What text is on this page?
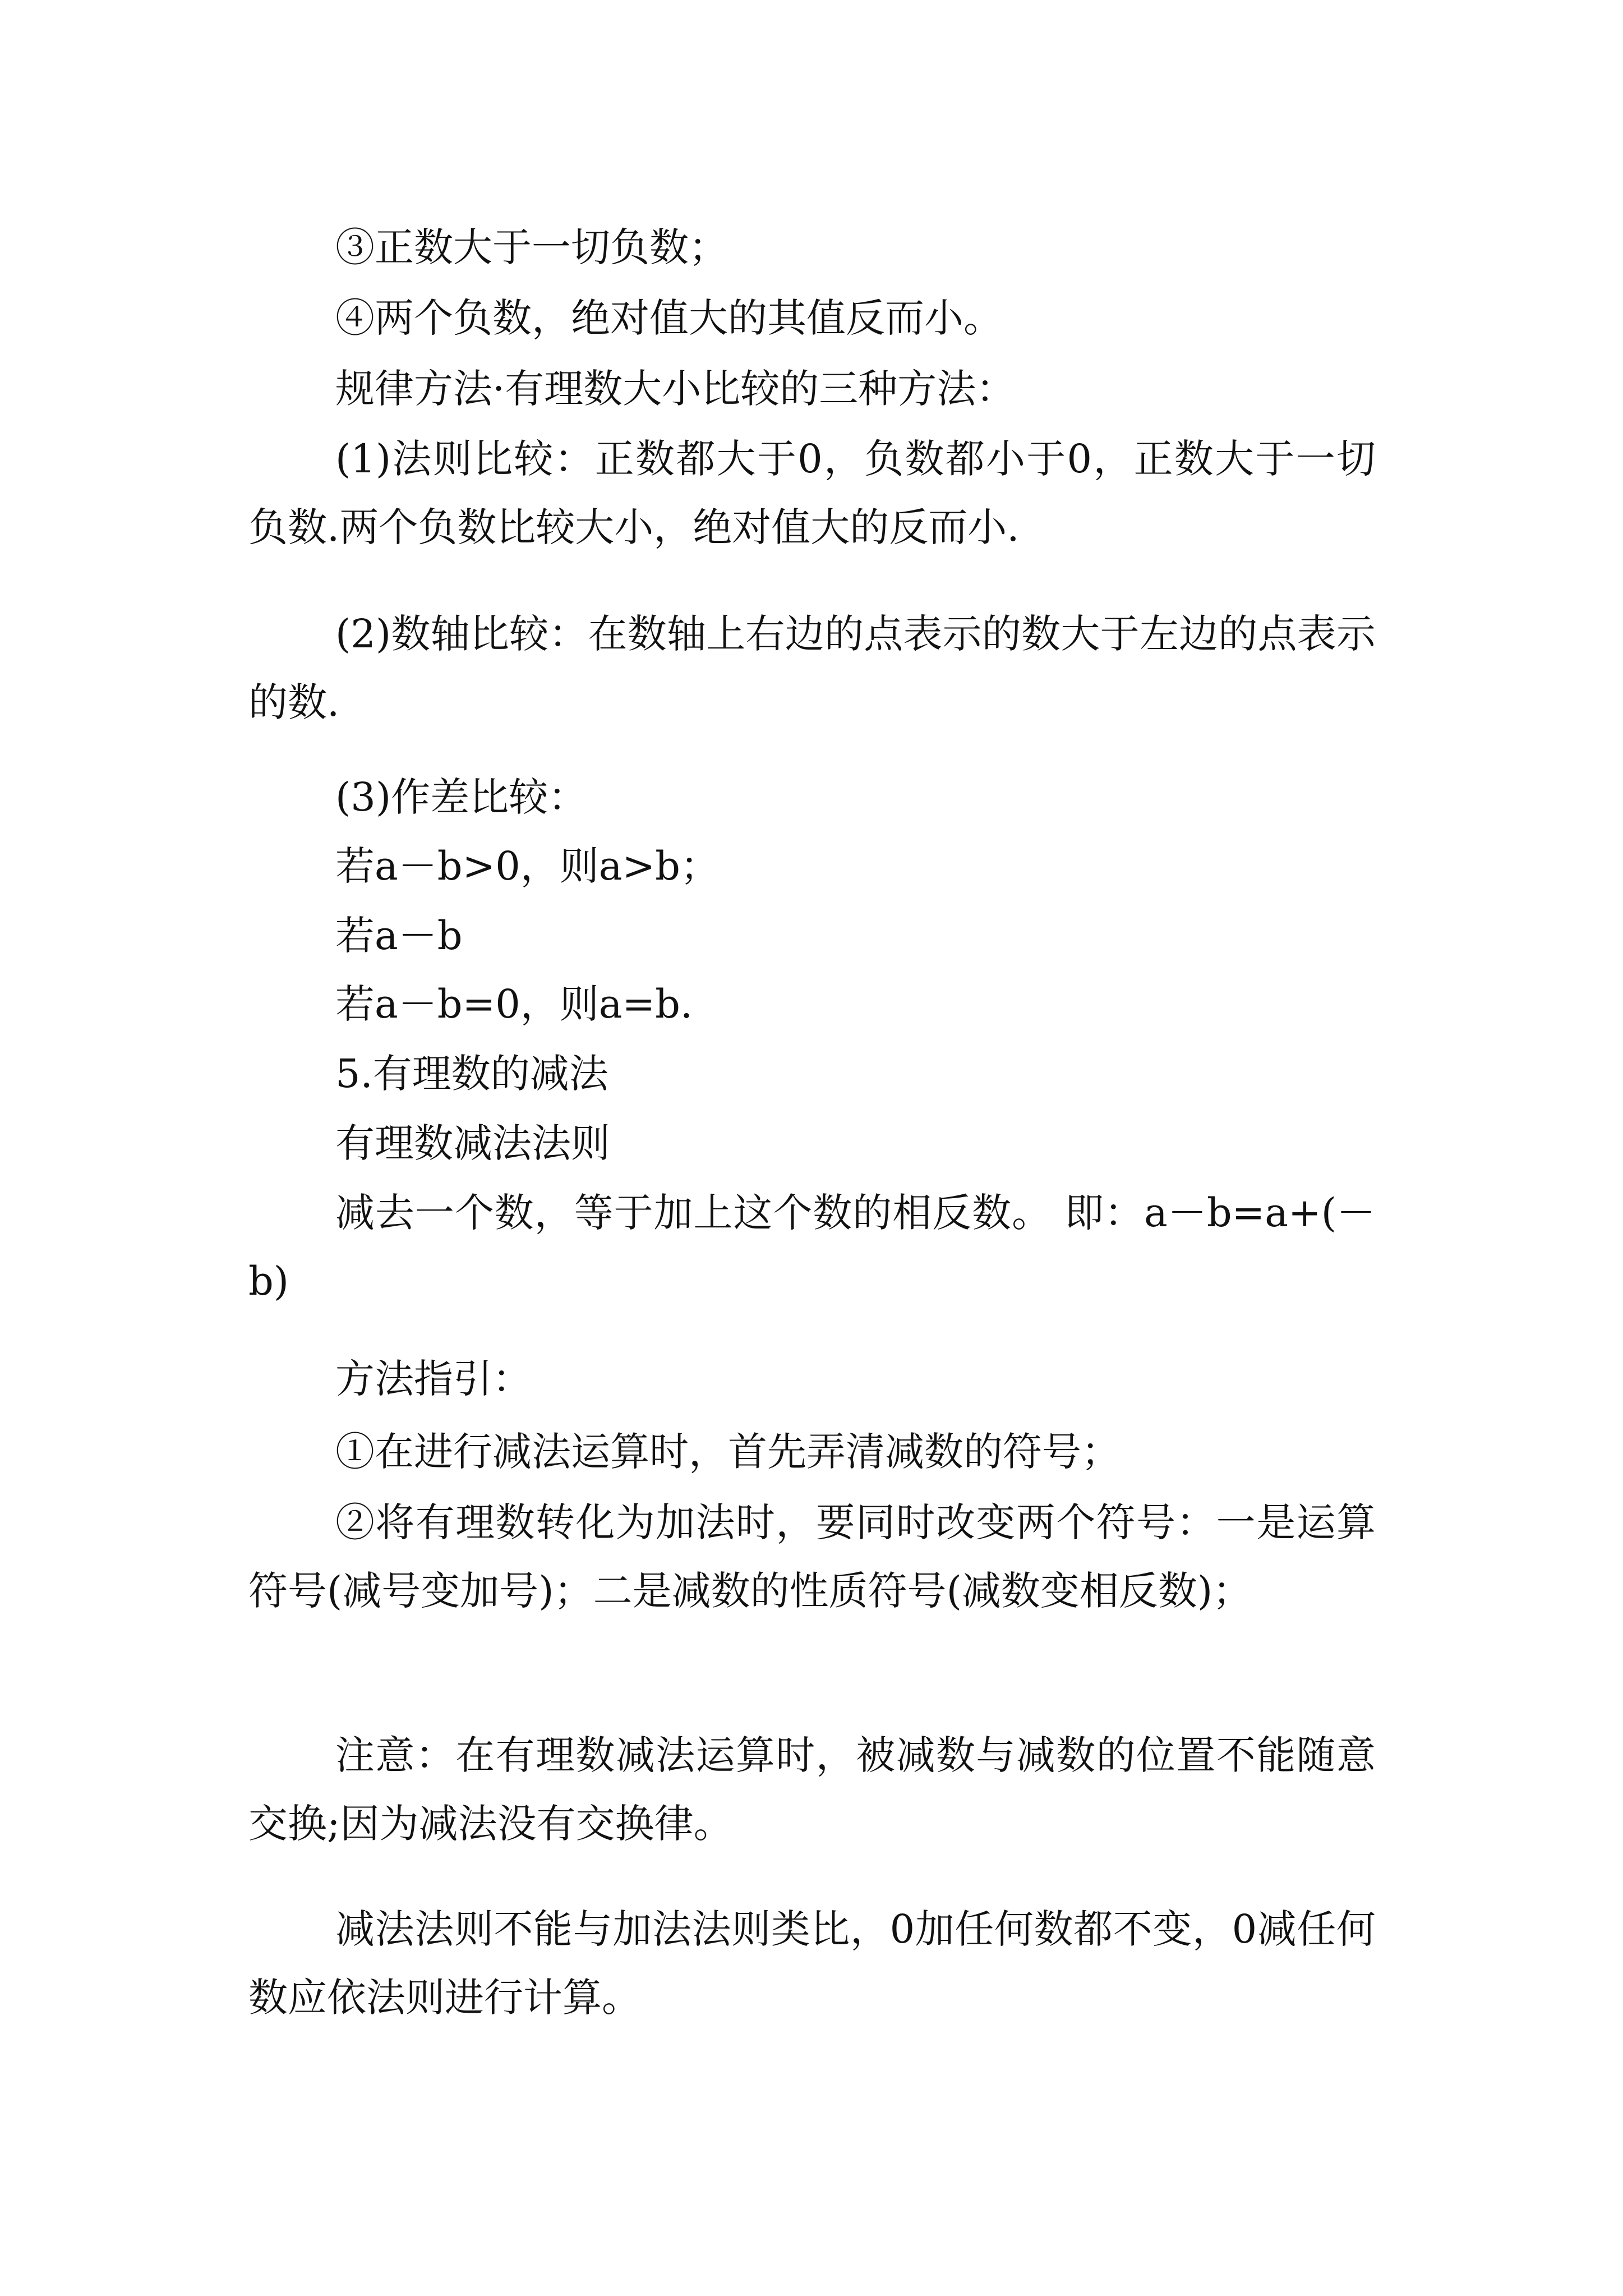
③正数大于一切负数；

④两个负数，绝对值大的其值反而小。

规律方法·有理数大小比较的三种方法：

(1)法则比较：正数都大于0，负数都小于0，正数大于一切负数.两个负数比较大小，绝对值大的反而小.

(2)数轴比较：在数轴上右边的点表示的数大于左边的点表示的数.

(3)作差比较：

若a－b>0，则a>b；

若a－b

若a－b=0，则a=b.

5.有理数的减法

有理数减法法则

减去一个数，等于加上这个数的相反数。 即：a－b=a+(－b)

方法指引：

①在进行减法运算时，首先弄清减数的符号；

②将有理数转化为加法时，要同时改变两个符号：一是运算符号(减号变加号)；二是减数的性质符号(减数变相反数)；

注意：在有理数减法运算时，被减数与减数的位置不能随意交换;因为减法没有交换律。

减法法则不能与加法法则类比，0加任何数都不变，0减任何数应依法则进行计算。
